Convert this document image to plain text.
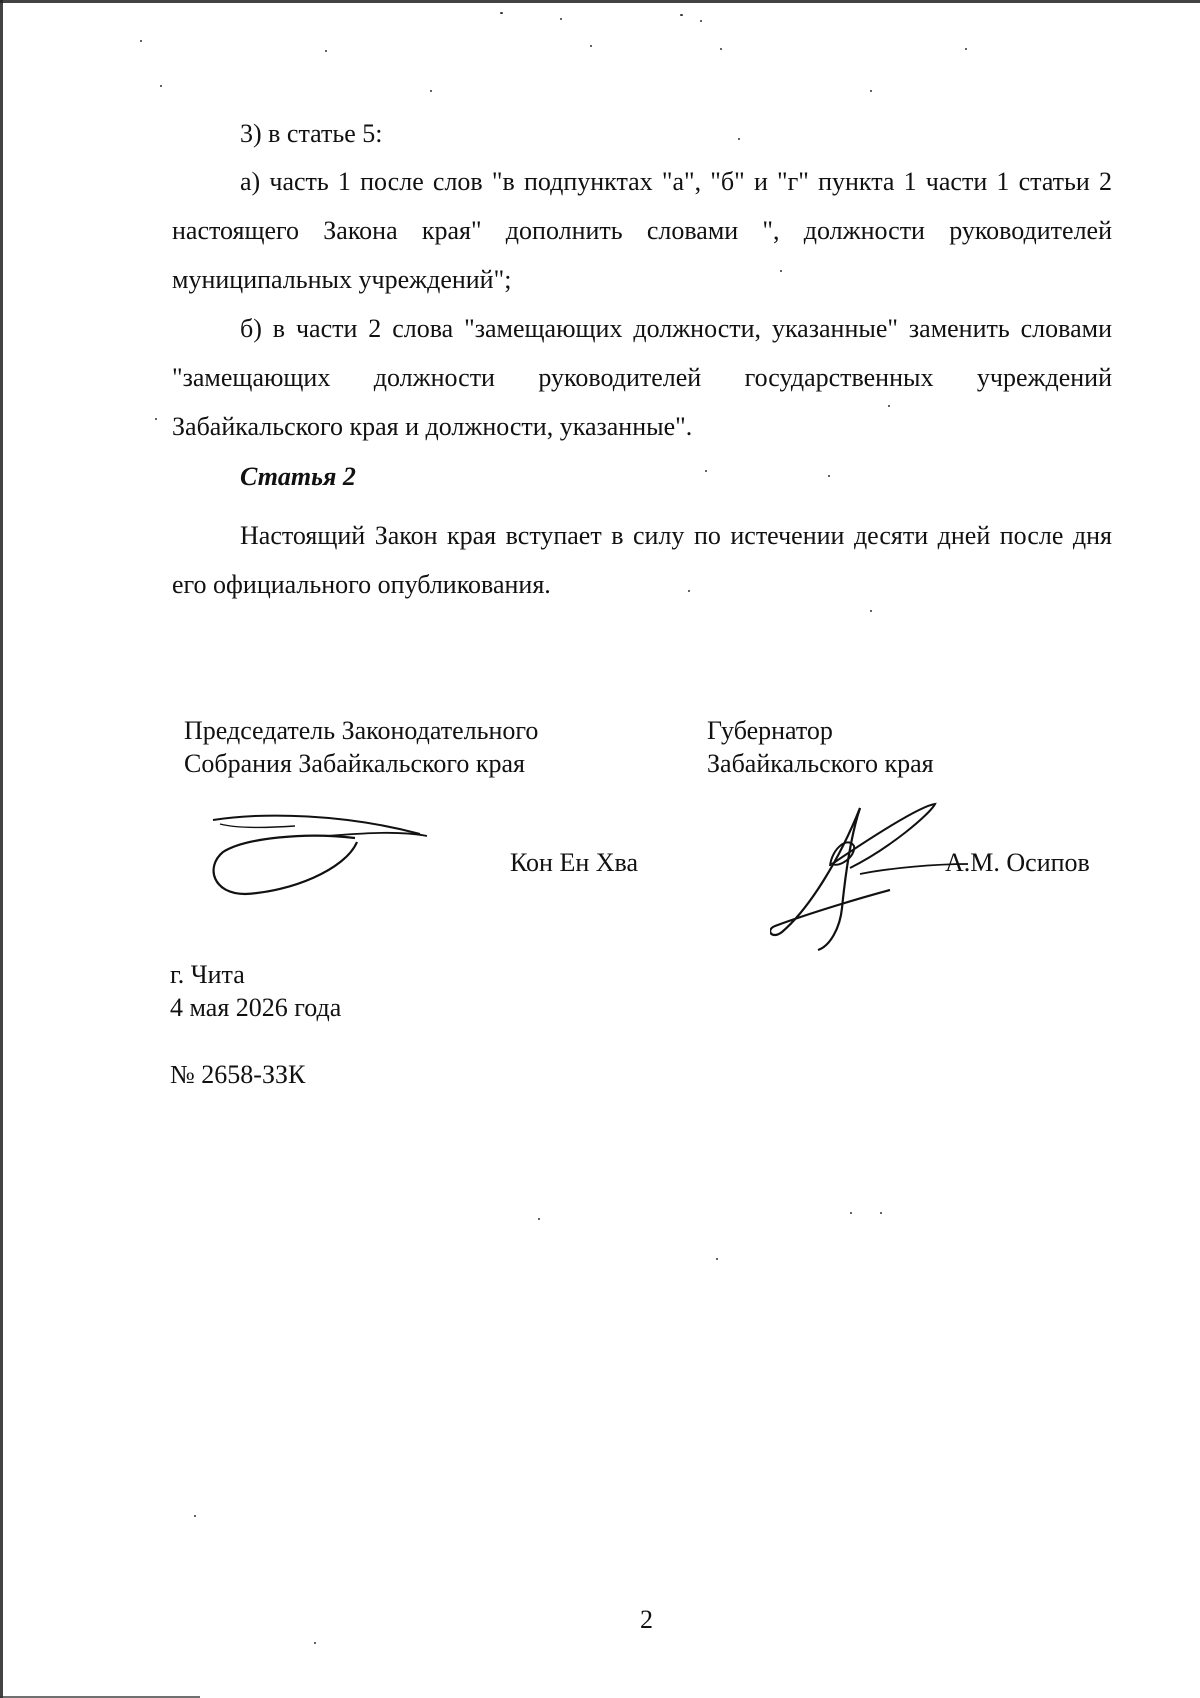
3) в статье 5:

а) часть 1 после слов "в подпунктах "а", "б" и "г" пункта 1 части 1 статьи 2 настоящего Закона края" дополнить словами ", должности руководителей муниципальных учреждений";

б) в части 2 слова "замещающих должности, указанные" заменить словами "замещающих должности руководителей государственных учреждений Забайкальского края и должности, указанные".

Статья 2

Настоящий Закон края вступает в силу по истечении десяти дней после дня его официального опубликования.

Председатель Законодательного
Собрания Забайкальского края
Губернатор
Забайкальского края
Кон Ен Хва	А.М. Осипов
г. Чита
4 мая 2026 года
№ 2658-ЗЗК
2
